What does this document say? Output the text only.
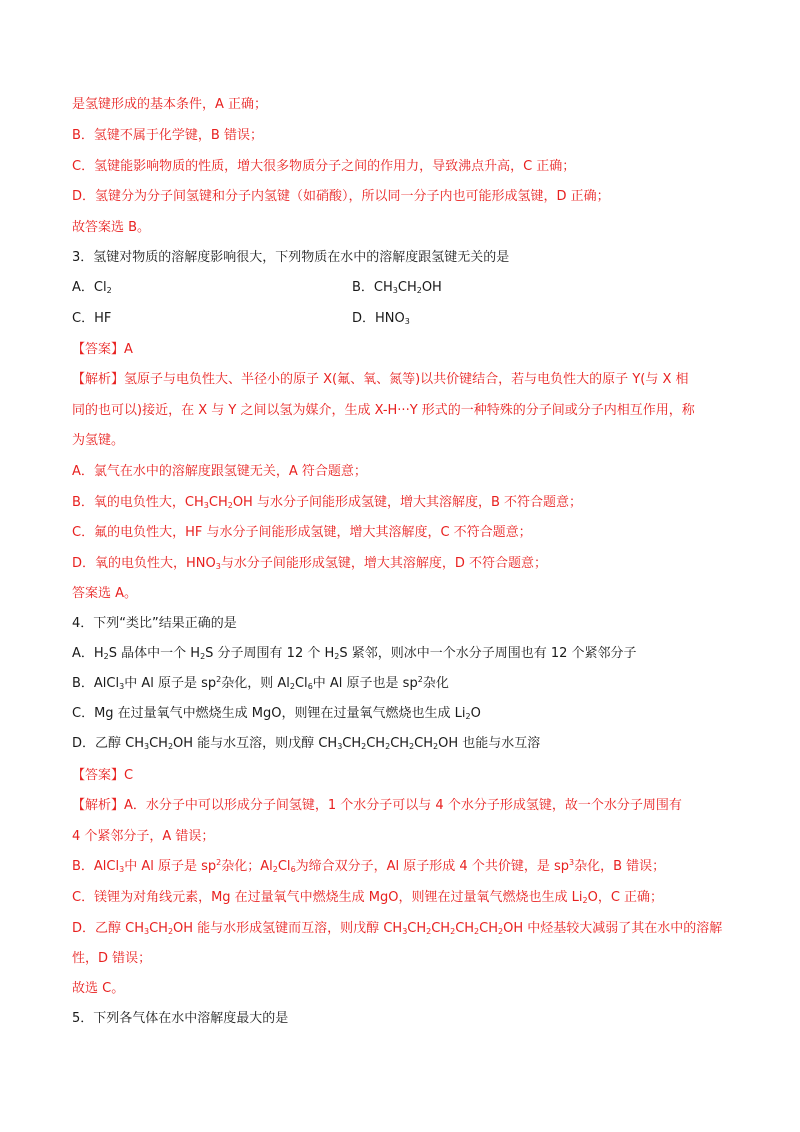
是氢键形成的基本条件，A 正确；
B．氢键不属于化学键，B 错误；
C．氢键能影响物质的性质，增大很多物质分子之间的作用力，导致沸点升高，C 正确；
D．氢键分为分子间氢键和分子内氢键（如硝酸），所以同一分子内也可能形成氢键，D 正确；
故答案选 B。
3．氢键对物质的溶解度影响很大，下列物质在水中的溶解度跟氢键无关的是
A．$Cl_2$	B．$CH_3CH_2OH$
C．HF	D．$HNO_3$
【答案】A
【解析】氢原子与电负性大、半径小的原子 X(氟、氧、氮等)以共价键结合，若与电负性大的原子 Y(与 X 相
同的也可以)接近，在 X 与 Y 之间以氢为媒介，生成 X-H···Y 形式的一种特殊的分子间或分子内相互作用，称
为氢键。
A．氯气在水中的溶解度跟氢键无关，A 符合题意；
B．氧的电负性大，$CH_3CH_2OH$ 与水分子间能形成氢键，增大其溶解度，B 不符合题意；
C．氟的电负性大，HF 与水分子间能形成氢键，增大其溶解度，C 不符合题意；
D．氧的电负性大，$HNO_3$与水分子间能形成氢键，增大其溶解度，D 不符合题意；
答案选 A。
4．下列“类比”结果正确的是
A．$H_2S$ 晶体中一个 $H_2S$ 分子周围有 12 个 $H_2S$ 紧邻，则冰中一个水分子周围也有 12 个紧邻分子
B．AlCl$_3$中 Al 原子是 $sp^2$杂化，则 $Al_2Cl_6$中 Al 原子也是 $sp^2$杂化
C．Mg 在过量氧气中燃烧生成 MgO，则锂在过量氧气燃烧也生成 $Li_2O$
D．乙醇 $CH_3CH_2OH$ 能与水互溶，则戊醇 $CH_3CH_2CH_2CH_2CH_2OH$ 也能与水互溶
【答案】C
【解析】A．水分子中可以形成分子间氢键，1 个水分子可以与 4 个水分子形成氢键，故一个水分子周围有
4 个紧邻分子，A 错误；
B．AlCl$_3$中 Al 原子是 $sp^2$杂化；$Al_2Cl_6$为缔合双分子，Al 原子形成 4 个共价键，是 $sp^3$杂化，B 错误；
C．镁锂为对角线元素，Mg 在过量氧气中燃烧生成 MgO，则锂在过量氧气燃烧也生成 $Li_2O$，C 正确；
D．乙醇 $CH_3CH_2OH$ 能与水形成氢键而互溶，则戊醇 $CH_3CH_2CH_2CH_2CH_2OH$ 中烃基较大减弱了其在水中的溶解
性，D 错误；
故选 C。
5．下列各气体在水中溶解度最大的是
